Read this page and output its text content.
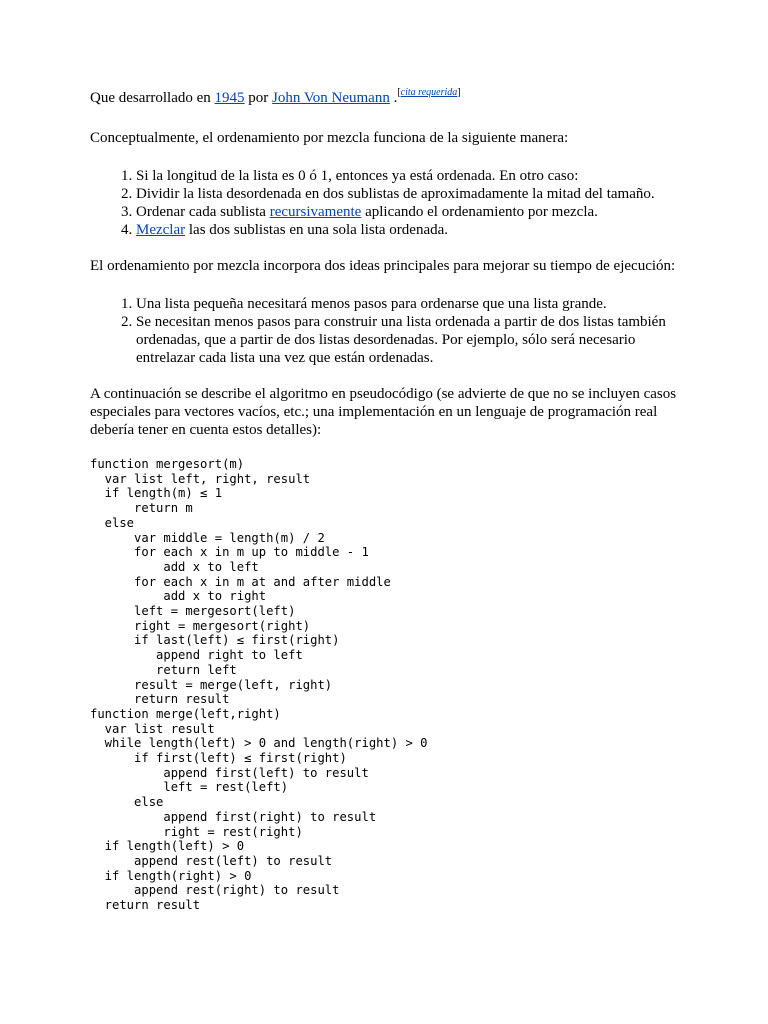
Que desarrollado en 1945 por John Von Neumann .[cita requerida]

Conceptualmente, el ordenamiento por mezcla funciona de la siguiente manera:

1. Si la longitud de la lista es 0 ó 1, entonces ya está ordenada. En otro caso:
2. Dividir la lista desordenada en dos sublistas de aproximadamente la mitad del tamaño.
3. Ordenar cada sublista recursivamente aplicando el ordenamiento por mezcla.
4. Mezclar las dos sublistas en una sola lista ordenada.

El ordenamiento por mezcla incorpora dos ideas principales para mejorar su tiempo de ejecución:

1. Una lista pequeña necesitará menos pasos para ordenarse que una lista grande.
2. Se necesitan menos pasos para construir una lista ordenada a partir de dos listas también ordenadas, que a partir de dos listas desordenadas. Por ejemplo, sólo será necesario entrelazar cada lista una vez que están ordenadas.

A continuación se describe el algoritmo en pseudocódigo (se advierte de que no se incluyen casos especiales para vectores vacíos, etc.; una implementación en un lenguaje de programación real debería tener en cuenta estos detalles):

function mergesort(m)
var list left, right, result
if length(m) ≤ 1
return m
else
var middle = length(m) / 2
for each x in m up to middle - 1
add x to left
for each x in m at and after middle
add x to right
left = mergesort(left)
right = mergesort(right)
if last(left) ≤ first(right)
append right to left
return left
result = merge(left, right)
return result
function merge(left,right)
var list result
while length(left) > 0 and length(right) > 0
if first(left) ≤ first(right)
append first(left) to result
left = rest(left)
else
append first(right) to result
right = rest(right)
if length(left) > 0
append rest(left) to result
if length(right) > 0
append rest(right) to result
return result
